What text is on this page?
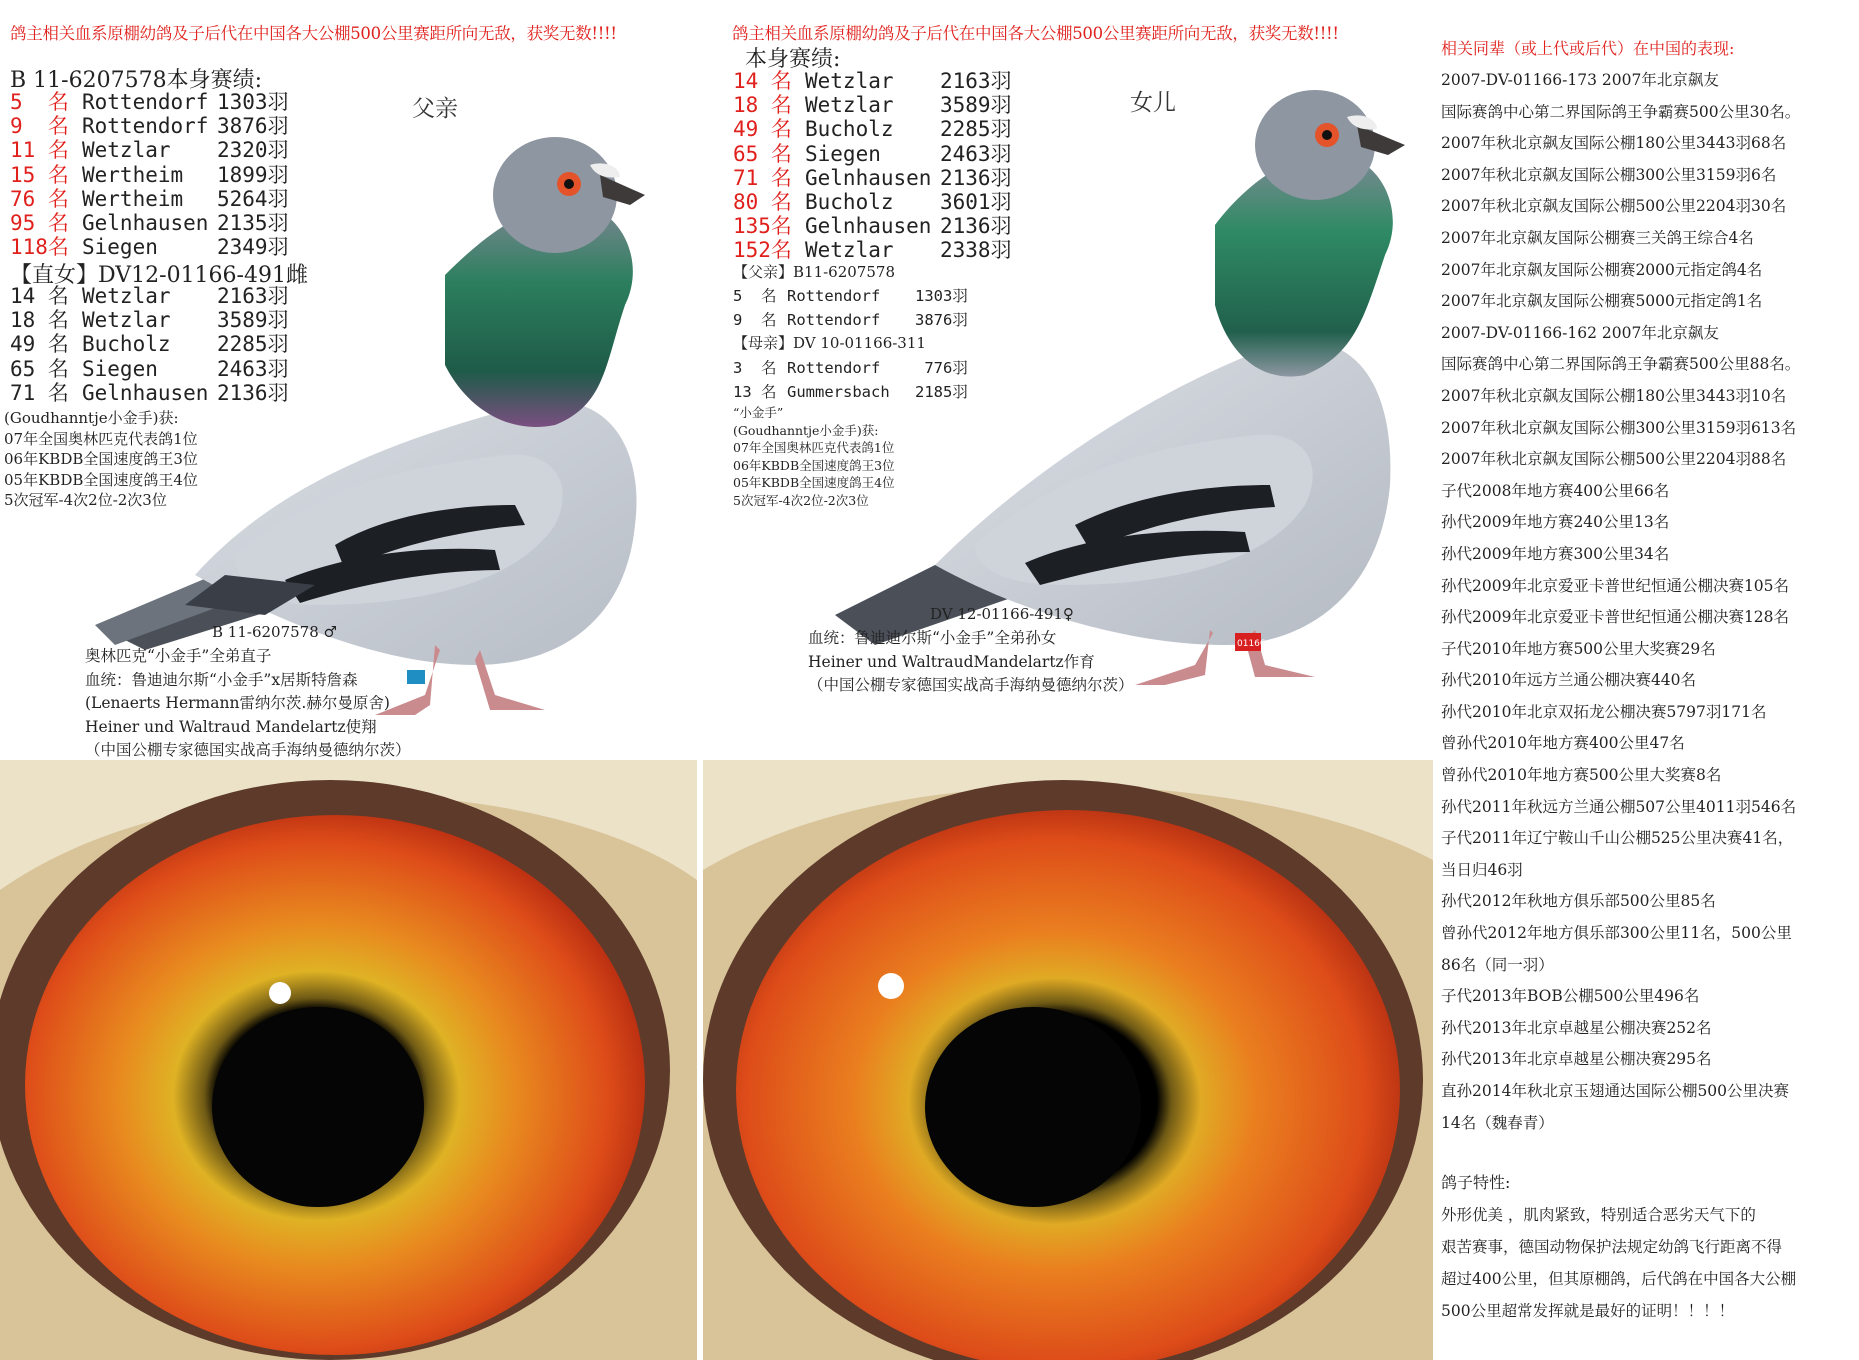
鸽主相关血系原棚幼鸽及子后代在中国各大公棚500公里赛距所向无敌，获奖无数!!!!	鸽主相关血系原棚幼鸽及子后代在中国各大公棚500公里赛距所向无敌，获奖无数!!!!
B 11-6207578本身赛绩:
父亲
5  名 Rottendorf 1303羽
9  名 Rottendorf 3876羽
11 名 Wetzlar 2320羽
15 名 Wertheim 1899羽
76 名 Wertheim 5264羽
95 名 Gelnhausen 2135羽
118名 Siegen	2349羽
【直女】DV12-01166-491雌
14 名 Wetzlar 2163羽
18 名 Wetzlar 3589羽
49 名 Bucholz 2285羽
65 名 Siegen	2463羽
71 名 Gelnhausen 2136羽
(Goudhanntje小金手)获:
07年全国奥林匹克代表鸽1位
06年KBDB全国速度鸽王3位
05年KBDB全国速度鸽王4位
5次冠军-4次2位-2次3位
B 11-6207578 ♂
奥林匹克“小金手”全弟直子
血统：鲁迪迪尔斯“小金手”x居斯特詹森
(Lenaerts Hermann雷纳尔茨.赫尔曼原舍)
Heiner und Waltraud Mandelartz使翔
（中国公棚专家德国实战高手海纳曼德纳尔茨）
本身赛绩:
女儿
14 名 Wetzlar 2163羽
18 名 Wetzlar 3589羽
49 名 Bucholz 2285羽
65 名 Siegen	2463羽
71 名 Gelnhausen 2136羽
80 名 Bucholz 3601羽
135名 Gelnhausen 2136羽
152名 Wetzlar 2338羽
【父亲】B11-6207578
5  名 Rottendorf 1303羽
9  名 Rottendorf 3876羽
【母亲】DV 10-01166-311
3  名 Rottendorf 776羽
13 名 Gummersbach 2185羽
“小金手”
(Goudhanntje小金手)获:
07年全国奥林匹克代表鸽1位
06年KBDB全国速度鸽王3位
05年KBDB全国速度鸽王4位
5次冠军-4次2位-2次3位
01166
DV 12-01166-491♀
血统：鲁迪迪尔斯“小金手”全弟孙女
Heiner und WaltraudMandelartz作育
（中国公棚专家德国实战高手海纳曼德纳尔茨）
相关同辈（或上代或后代）在中国的表现:
2007-DV-01166-173 2007年北京飙友
国际赛鸽中心第二界国际鸽王争霸赛500公里30名。
2007年秋北京飙友国际公棚180公里3443羽68名
2007年秋北京飙友国际公棚300公里3159羽6名
2007年秋北京飙友国际公棚500公里2204羽30名
2007年北京飙友国际公棚赛三关鸽王综合4名
2007年北京飙友国际公棚赛2000元指定鸽4名
2007年北京飙友国际公棚赛5000元指定鸽1名
2007-DV-01166-162 2007年北京飙友
国际赛鸽中心第二界国际鸽王争霸赛500公里88名。
2007年秋北京飙友国际公棚180公里3443羽10名
2007年秋北京飙友国际公棚300公里3159羽613名
2007年秋北京飙友国际公棚500公里2204羽88名
子代2008年地方赛400公里66名
孙代2009年地方赛240公里13名
孙代2009年地方赛300公里34名
孙代2009年北京爱亚卡普世纪恒通公棚决赛105名
孙代2009年北京爱亚卡普世纪恒通公棚决赛128名
子代2010年地方赛500公里大奖赛29名
孙代2010年远方兰通公棚决赛440名
孙代2010年北京双拓龙公棚决赛5797羽171名
曾孙代2010年地方赛400公里47名
曾孙代2010年地方赛500公里大奖赛8名
孙代2011年秋远方兰通公棚507公里4011羽546名
子代2011年辽宁鞍山千山公棚525公里决赛41名，
当日归46羽
孙代2012年秋地方俱乐部500公里85名
曾孙代2012年地方俱乐部300公里11名，500公里
86名（同一羽）
子代2013年BOB公棚500公里496名
孙代2013年北京卓越星公棚决赛252名
孙代2013年北京卓越星公棚决赛295名
直孙2014年秋北京玉翅通达国际公棚500公里决赛
14名（魏春青）
鸽子特性:
外形优美 ，肌肉紧致，特别适合恶劣天气下的
艰苦赛事，德国动物保护法规定幼鸽飞行距离不得
超过400公里，但其原棚鸽，后代鸽在中国各大公棚
500公里超常发挥就是最好的证明！！！！
